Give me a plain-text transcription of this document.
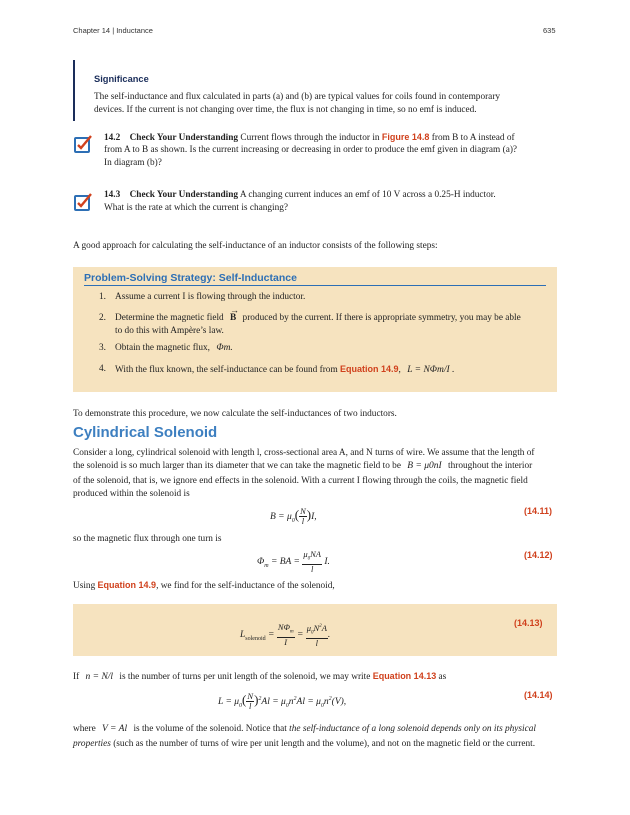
Chapter 14 | Inductance	635
Significance
The self-inductance and flux calculated in parts (a) and (b) are typical values for coils found in contemporary
devices. If the current is not changing over time, the flux is not changing in time, so no emf is induced.
14.2 Check Your Understanding Current flows through the inductor in Figure 14.8 from B to A instead of
from A to B as shown. Is the current increasing or decreasing in order to produce the emf given in diagram (a)?
In diagram (b)?
14.3 Check Your Understanding A changing current induces an emf of 10 V across a 0.25-H inductor.
What is the rate at which the current is changing?
A good approach for calculating the self-inductance of an inductor consists of the following steps:
Problem-Solving Strategy: Self-Inductance
1. Assume a current I is flowing through the inductor.
2. Determine the magnetic field
→
B produced by the current. If there is appropriate symmetry, you may be able
to do this with Ampère’s law.
3. Obtain the magnetic flux, Φm.
4. With the flux known, the self-inductance can be found from Equation 14.9, L = NΦm/I .
To demonstrate this procedure, we now calculate the self-inductances of two inductors.
Cylindrical Solenoid
Consider a long, cylindrical solenoid with length l, cross-sectional area A, and N turns of wire. We assume that the length of
the solenoid is so much larger than its diameter that we can take the magnetic field to be B = μ0nI throughout the interior
of the solenoid, that is, we ignore end effects in the solenoid. With a current I flowing through the coils, the magnetic field
produced within the solenoid is
$B = \mu_0( \frac{N}{l} )I$,
(14.11)
so the magnetic flux through one turn is
$\Phi_m$ = BA = $\frac{\mu_0NA}{l} I$.
(14.12)
Using Equation 14.9, we find for the self-inductance of the solenoid,
$L_{solenoid} = \frac{N\Phi_m}{I} = \frac{\mu_0N^2A}{l}$ .
(14.13)
If n = N/l is the number of turns per unit length of the solenoid, we may write Equation 14.13 as
$L = \mu_0( \frac{N}{l} )^2Al = \mu_0n^2Al = \mu_0n^2(V)$,
(14.14)
where V = Al is the volume of the solenoid. Notice that the self-inductance of a long solenoid depends only on its physical
properties (such as the number of turns of wire per unit length and the volume), and not on the magnetic field or the current.
